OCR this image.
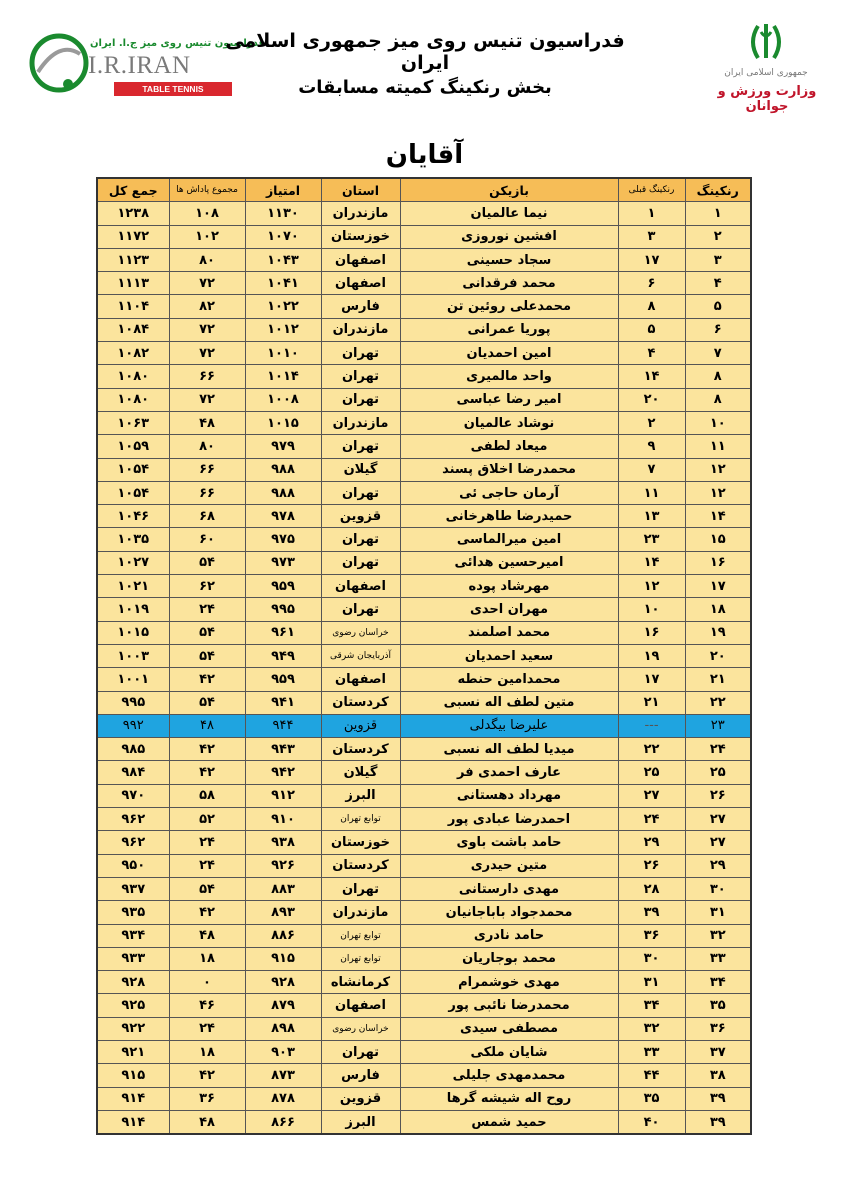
فدراسیون تنیس روی میز ج.ا. ایران
I.R.IRAN
TABLE TENNIS FEDERATION
فدراسیون تنیس روی میز جمهوری اسلامی ایران
بخش رنکینگ کمیته مسابقات
جمهوری اسلامی ایران
وزارت ورزش و جوانان
آقایان
رنکینگ	رنکینگ قبلی	بازیکن	استان	امتیاز	مجموع پاداش ها	جمع کل
۱	۱	نیما عالمیان	مازندران	۱۱۳۰	۱۰۸	۱۲۳۸
۲	۳	افشین نوروزی	خوزستان	۱۰۷۰	۱۰۲	۱۱۷۲
۳	۱۷	سجاد حسینی	اصفهان	۱۰۴۳	۸۰	۱۱۲۳
۴	۶	محمد فرقدانی	اصفهان	۱۰۴۱	۷۲	۱۱۱۳
۵	۸	محمدعلی روئین تن	فارس	۱۰۲۲	۸۲	۱۱۰۴
۶	۵	پوریا عمرانی	مازندران	۱۰۱۲	۷۲	۱۰۸۴
۷	۴	امین احمدیان	تهران	۱۰۱۰	۷۲	۱۰۸۲
۸	۱۴	واحد مالمیری	تهران	۱۰۱۴	۶۶	۱۰۸۰
۸	۲۰	امیر رضا عباسی	تهران	۱۰۰۸	۷۲	۱۰۸۰
۱۰	۲	نوشاد عالمیان	مازندران	۱۰۱۵	۴۸	۱۰۶۳
۱۱	۹	میعاد لطفی	تهران	۹۷۹	۸۰	۱۰۵۹
۱۲	۷	محمدرضا اخلاق پسند	گیلان	۹۸۸	۶۶	۱۰۵۴
۱۲	۱۱	آرمان حاجی ئی	تهران	۹۸۸	۶۶	۱۰۵۴
۱۴	۱۳	حمیدرضا طاهرخانی	قزوین	۹۷۸	۶۸	۱۰۴۶
۱۵	۲۳	امین میرالماسی	تهران	۹۷۵	۶۰	۱۰۳۵
۱۶	۱۴	امیرحسین هدائی	تهران	۹۷۳	۵۴	۱۰۲۷
۱۷	۱۲	مهرشاد پوده	اصفهان	۹۵۹	۶۲	۱۰۲۱
۱۸	۱۰	مهران احدی	تهران	۹۹۵	۲۴	۱۰۱۹
۱۹	۱۶	محمد اصلمند	خراسان رضوی	۹۶۱	۵۴	۱۰۱۵
۲۰	۱۹	سعید احمدیان	آذربایجان شرقی	۹۴۹	۵۴	۱۰۰۳
۲۱	۱۷	محمدامین حنطه	اصفهان	۹۵۹	۴۲	۱۰۰۱
۲۲	۲۱	متین لطف اله نسبی	کردستان	۹۴۱	۵۴	۹۹۵
۲۳	---	علیرضا بیگدلی	قزوین	۹۴۴	۴۸	۹۹۲
۲۴	۲۲	میدیا لطف اله نسبی	کردستان	۹۴۳	۴۲	۹۸۵
۲۵	۲۵	عارف احمدی فر	گیلان	۹۴۲	۴۲	۹۸۴
۲۶	۲۷	مهرداد دهستانی	البرز	۹۱۲	۵۸	۹۷۰
۲۷	۲۴	احمدرضا عبادی پور	توابع تهران	۹۱۰	۵۲	۹۶۲
۲۷	۲۹	حامد باشت باوی	خوزستان	۹۳۸	۲۴	۹۶۲
۲۹	۲۶	متین حیدری	کردستان	۹۲۶	۲۴	۹۵۰
۳۰	۲۸	مهدی دارستانی	تهران	۸۸۳	۵۴	۹۳۷
۳۱	۳۹	محمدجواد باباجانیان	مازندران	۸۹۳	۴۲	۹۳۵
۳۲	۳۶	حامد نادری	توابع تهران	۸۸۶	۴۸	۹۳۴
۳۳	۳۰	محمد بوجاریان	توابع تهران	۹۱۵	۱۸	۹۳۳
۳۴	۳۱	مهدی خوشمرام	کرمانشاه	۹۲۸	۰	۹۲۸
۳۵	۳۴	محمدرضا نائبی پور	اصفهان	۸۷۹	۴۶	۹۲۵
۳۶	۳۲	مصطفی سیدی	خراسان رضوی	۸۹۸	۲۴	۹۲۲
۳۷	۳۳	شایان ملکی	تهران	۹۰۳	۱۸	۹۲۱
۳۸	۴۴	محمدمهدی جلیلی	فارس	۸۷۳	۴۲	۹۱۵
۳۹	۳۵	روح اله شیشه گرها	قزوین	۸۷۸	۳۶	۹۱۴
۳۹	۴۰	حمید شمس	البرز	۸۶۶	۴۸	۹۱۴
